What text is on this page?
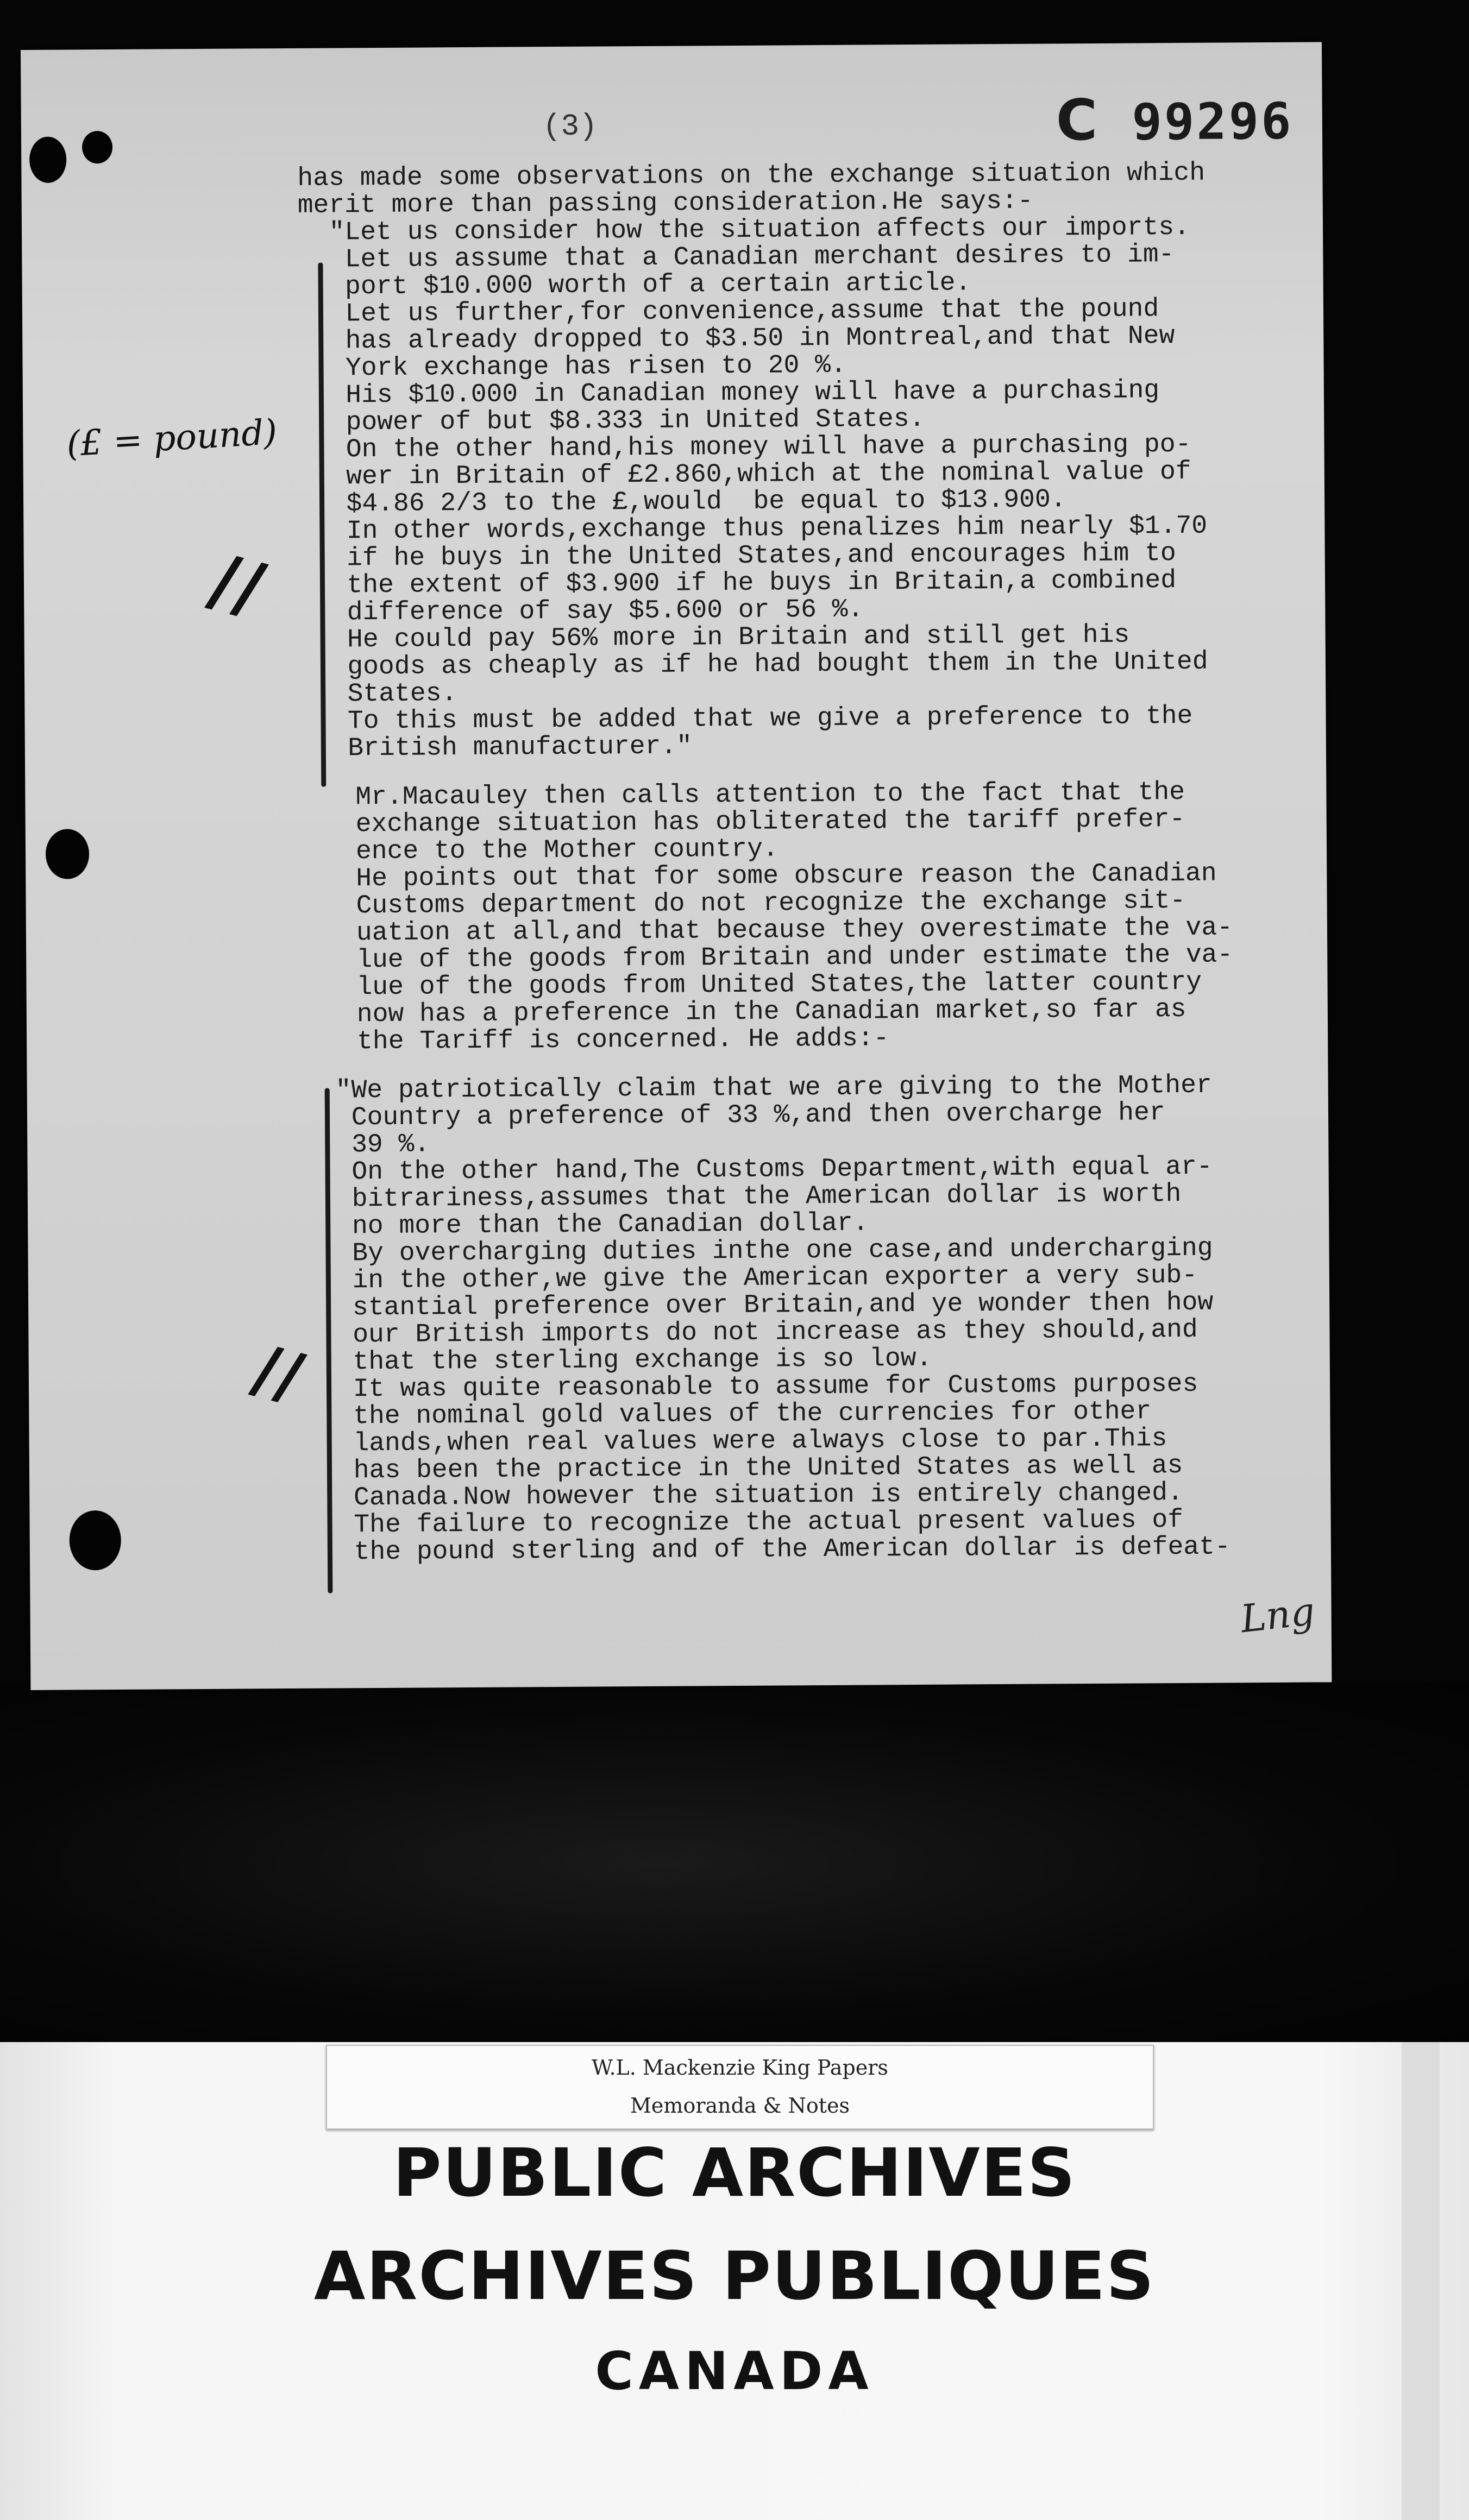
(3)	C 99296
(£ = pound)
//
has made some observations on the exchange situation which
merit more than passing consideration.He says:-
"Let us consider how the situation affects our imports.
Let us assume that a Canadian merchant desires to im-
port $10.000 worth of a certain article.
Let us further,for convenience,assume that the pound
has already dropped to $3.50 in Montreal,and that New
York exchange has risen to 20 %.
His $10.000 in Canadian money will have a purchasing
power of but $8.333 in United States.
On the other hand,his money will have a purchasing po-
wer in Britain of £2.860,which at the nominal value of
$4.86 2/3 to the £,would  be equal to $13.900.
In other words,exchange thus penalizes him nearly $1.70
if he buys in the United States,and encourages him to
the extent of $3.900 if he buys in Britain,a combined
difference of say $5.600 or 56 %.
He could pay 56% more in Britain and still get his
goods as cheaply as if he had bought them in the United
States.
To this must be added that we give a preference to the
British manufacturer."
Mr.Macauley then calls attention to the fact that the
exchange situation has obliterated the tariff prefer-
ence to the Mother country.
He points out that for some obscure reason the Canadian
Customs department do not recognize the exchange sit-
uation at all,and that because they overestimate the va-
lue of the goods from Britain and under estimate the va-
lue of the goods from United States,the latter country
now has a preference in the Canadian market,so far as
the Tariff is concerned. He adds:-
//
"We patriotically claim that we are giving to the Mother
Country a preference of 33 %,and then overcharge her
39 %.
On the other hand,The Customs Department,with equal ar-
bitrariness,assumes that the American dollar is worth
no more than the Canadian dollar.
By overcharging duties inthe one case,and undercharging
in the other,we give the American exporter a very sub-
stantial preference over Britain,and ye wonder then how
our British imports do not increase as they should,and
that the sterling exchange is so low.
It was quite reasonable to assume for Customs purposes
the nominal gold values of the currencies for other
lands,when real values were always close to par.This
has been the practice in the United States as well as
Canada.Now however the situation is entirely changed.
The failure to recognize the actual present values of
the pound sterling and of the American dollar is defeat-
Lng
PUBLIC ARCHIVES
ARCHIVES PUBLIQUES
CANADA
W.L. Mackenzie King Papers
Memoranda & Notes
